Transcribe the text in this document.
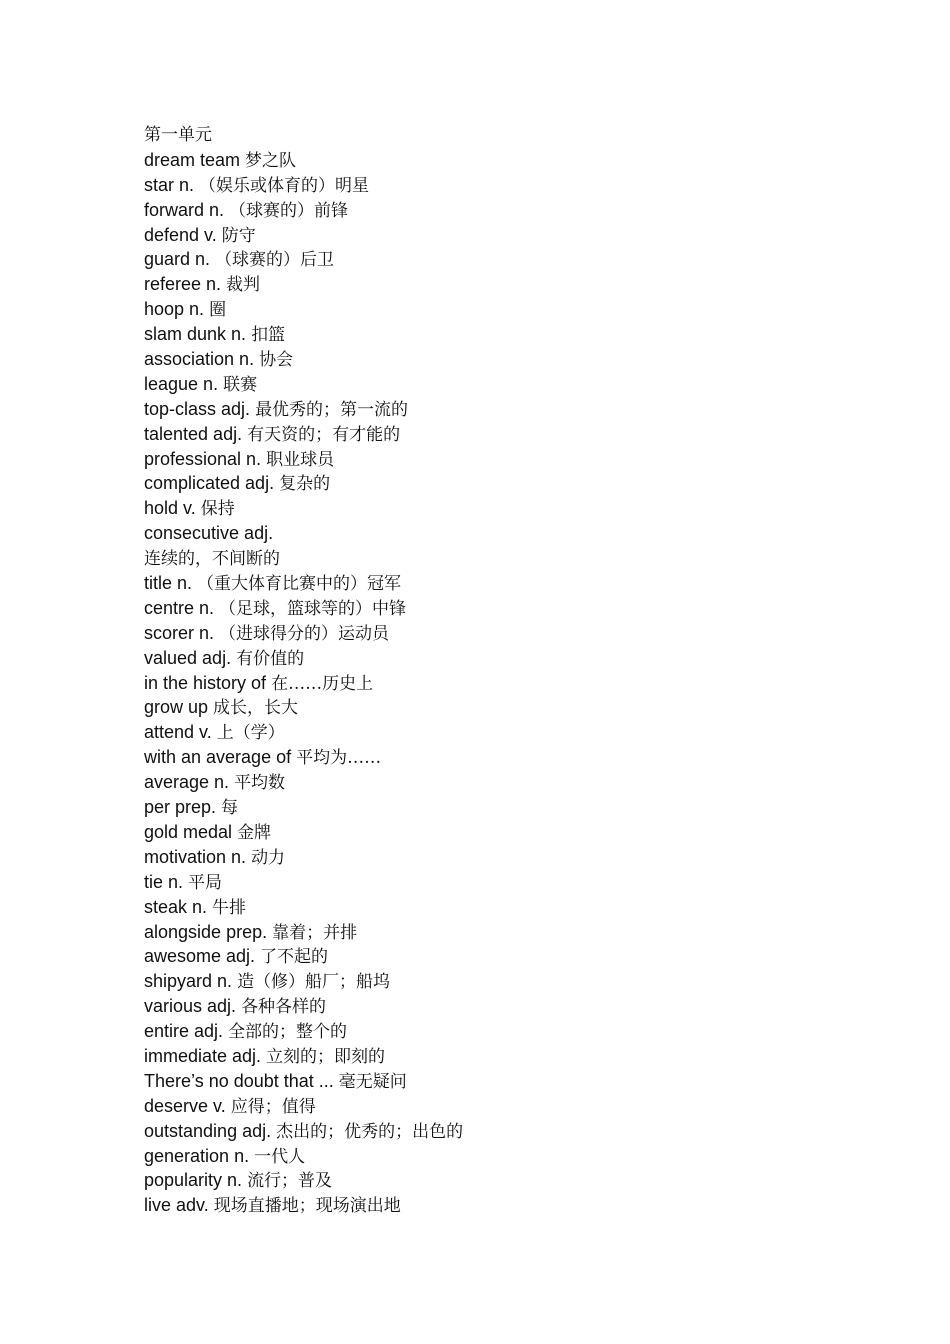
第一单元
dream team 梦之队
star n. （娱乐或体育的）明星
forward n. （球赛的）前锋
defend v. 防守
guard n. （球赛的）后卫
referee n. 裁判
hoop n. 圈
slam dunk n. 扣篮
association n. 协会
league n. 联赛
top-class adj. 最优秀的；第一流的
talented adj. 有天资的；有才能的
professional n. 职业球员
complicated adj. 复杂的
hold v. 保持
consecutive adj.
连续的，不间断的
title n. （重大体育比赛中的）冠军
centre n. （足球，篮球等的）中锋
scorer n. （进球得分的）运动员
valued adj. 有价值的
in the history of 在……历史上
grow up 成长，长大
attend v. 上（学）
with an average of 平均为……
average n. 平均数
per prep. 每
gold medal 金牌
motivation n. 动力
tie n. 平局
steak n. 牛排
alongside prep. 靠着；并排
awesome adj. 了不起的
shipyard n. 造（修）船厂；船坞
various adj. 各种各样的
entire adj. 全部的；整个的
immediate adj. 立刻的；即刻的
There’s no doubt that ... 毫无疑问
deserve v. 应得；值得
outstanding adj. 杰出的；优秀的；出色的
generation n. 一代人
popularity n. 流行；普及
live adv. 现场直播地；现场演出地
